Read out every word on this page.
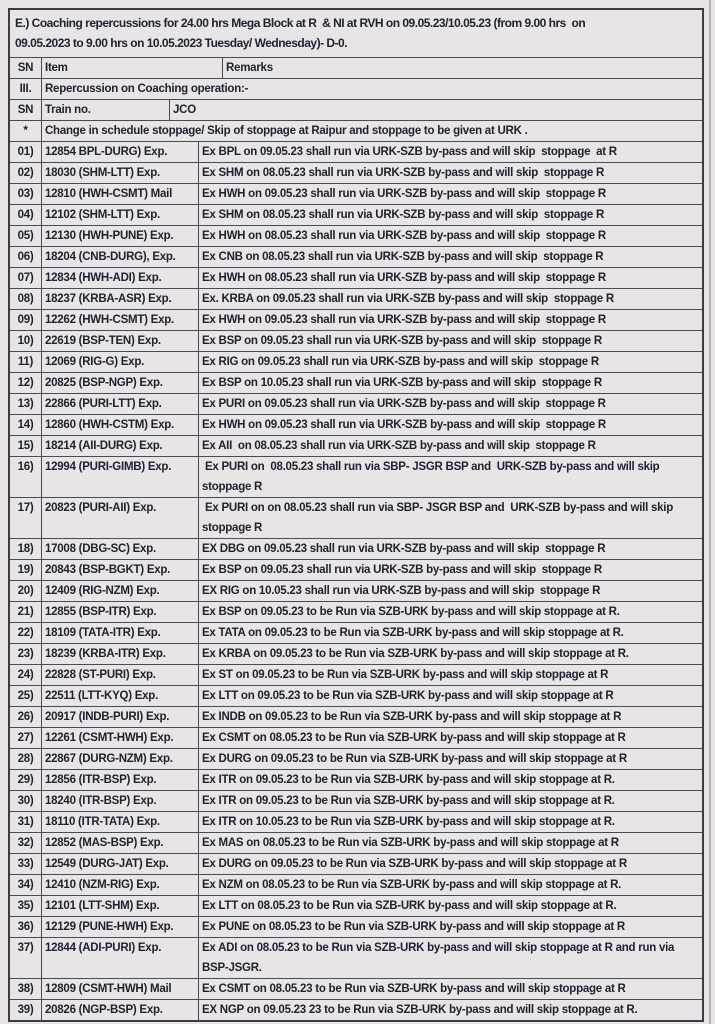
E.) Coaching repercussions for 24.00 hrs Mega Block at R  & NI at RVH on 09.05.23/10.05.23 (from 9.00 hrs  on
09.05.2023 to 9.00 hrs on 10.05.2023 Tuesday/ Wednesday)- D-0.
SN	Item	Remarks
III.	Repercussion on Coaching operation:-
SN	Train no.	JCO
*	Change in schedule stoppage/ Skip of stoppage at Raipur and stoppage to be given at URK .
01)	12854 BPL-DURG) Exp.	Ex BPL on 09.05.23 shall run via URK-SZB by-pass and will skip  stoppage  at R
02)	18030 (SHM-LTT) Exp.	Ex SHM on 08.05.23 shall run via URK-SZB by-pass and will skip  stoppage R
03)	12810 (HWH-CSMT) Mail	Ex HWH on 09.05.23 shall run via URK-SZB by-pass and will skip  stoppage R
04)	12102 (SHM-LTT) Exp.	Ex SHM on 08.05.23 shall run via URK-SZB by-pass and will skip  stoppage R
05)	12130 (HWH-PUNE) Exp.	Ex HWH on 08.05.23 shall run via URK-SZB by-pass and will skip  stoppage R
06)	18204 (CNB-DURG), Exp.	Ex CNB on 08.05.23 shall run via URK-SZB by-pass and will skip  stoppage R
07)	12834 (HWH-ADI) Exp.	Ex HWH on 08.05.23 shall run via URK-SZB by-pass and will skip  stoppage R
08)	18237 (KRBA-ASR) Exp.	Ex. KRBA on 09.05.23 shall run via URK-SZB by-pass and will skip  stoppage R
09)	12262 (HWH-CSMT) Exp.	Ex HWH on 09.05.23 shall run via URK-SZB by-pass and will skip  stoppage R
10)	22619 (BSP-TEN) Exp.	Ex BSP on 09.05.23 shall run via URK-SZB by-pass and will skip  stoppage R
11)	12069 (RIG-G) Exp.	Ex RIG on 09.05.23 shall run via URK-SZB by-pass and will skip  stoppage R
12)	20825 (BSP-NGP) Exp.	Ex BSP on 10.05.23 shall run via URK-SZB by-pass and will skip  stoppage R
13)	22866 (PURI-LTT) Exp.	Ex PURI on 09.05.23 shall run via URK-SZB by-pass and will skip  stoppage R
14)	12860 (HWH-CSTM) Exp.	Ex HWH on 09.05.23 shall run via URK-SZB by-pass and will skip  stoppage R
15)	18214 (AII-DURG) Exp.	Ex AII  on 08.05.23 shall run via URK-SZB by-pass and will skip  stoppage R
16)	12994 (PURI-GIMB) Exp.	Ex PURI on  08.05.23 shall run via SBP- JSGR BSP and  URK-SZB by-pass and will skip  stoppage R
17)	20823 (PURI-AII) Exp.	Ex PURI on on 08.05.23 shall run via SBP- JSGR BSP and  URK-SZB by-pass and will skip  stoppage R
18)	17008 (DBG-SC) Exp.	EX DBG on 09.05.23 shall run via URK-SZB by-pass and will skip  stoppage R
19)	20843 (BSP-BGKT) Exp.	Ex BSP on 09.05.23 shall run via URK-SZB by-pass and will skip  stoppage R
20)	12409 (RIG-NZM) Exp.	EX RIG on 10.05.23 shall run via URK-SZB by-pass and will skip  stoppage R
21)	12855 (BSP-ITR) Exp.	Ex BSP on 09.05.23 to be Run via SZB-URK by-pass and will skip stoppage at R.
22)	18109 (TATA-ITR) Exp.	Ex TATA on 09.05.23 to be Run via SZB-URK by-pass and will skip stoppage at R.
23)	18239 (KRBA-ITR) Exp.	Ex KRBA on 09.05.23 to be Run via SZB-URK by-pass and will skip stoppage at R.
24)	22828 (ST-PURI) Exp.	Ex ST on 09.05.23 to be Run via SZB-URK by-pass and will skip stoppage at R
25)	22511 (LTT-KYQ) Exp.	Ex LTT on 09.05.23 to be Run via SZB-URK by-pass and will skip stoppage at R
26)	20917 (INDB-PURI) Exp.	Ex INDB on 09.05.23 to be Run via SZB-URK by-pass and will skip stoppage at R
27)	12261 (CSMT-HWH) Exp.	Ex CSMT on 08.05.23 to be Run via SZB-URK by-pass and will skip stoppage at R
28)	22867 (DURG-NZM) Exp.	Ex DURG on 09.05.23 to be Run via SZB-URK by-pass and will skip stoppage at R
29)	12856 (ITR-BSP) Exp.	Ex ITR on 09.05.23 to be Run via SZB-URK by-pass and will skip stoppage at R.
30)	18240 (ITR-BSP) Exp.	Ex ITR on 09.05.23 to be Run via SZB-URK by-pass and will skip stoppage at R.
31)	18110 (ITR-TATA) Exp.	Ex ITR on 10.05.23 to be Run via SZB-URK by-pass and will skip stoppage at R.
32)	12852 (MAS-BSP) Exp.	Ex MAS on 08.05.23 to be Run via SZB-URK by-pass and will skip stoppage at R
33)	12549 (DURG-JAT) Exp.	Ex DURG on 09.05.23 to be Run via SZB-URK by-pass and will skip stoppage at R
34)	12410 (NZM-RIG) Exp.	Ex NZM on 08.05.23 to be Run via SZB-URK by-pass and will skip stoppage at R.
35)	12101 (LTT-SHM) Exp.	Ex LTT on 08.05.23 to be Run via SZB-URK by-pass and will skip stoppage at R.
36)	12129 (PUNE-HWH) Exp.	Ex PUNE on 08.05.23 to be Run via SZB-URK by-pass and will skip stoppage at R
37)	12844 (ADI-PURI) Exp.	Ex ADI on 08.05.23 to be Run via SZB-URK by-pass and will skip stoppage at R and run via BSP-JSGR.
38)	12809 (CSMT-HWH) Mail	Ex CSMT on 08.05.23 to be Run via SZB-URK by-pass and will skip stoppage at R
39)	20826 (NGP-BSP) Exp.	EX NGP on 09.05.23 23 to be Run via SZB-URK by-pass and will skip stoppage at R.
